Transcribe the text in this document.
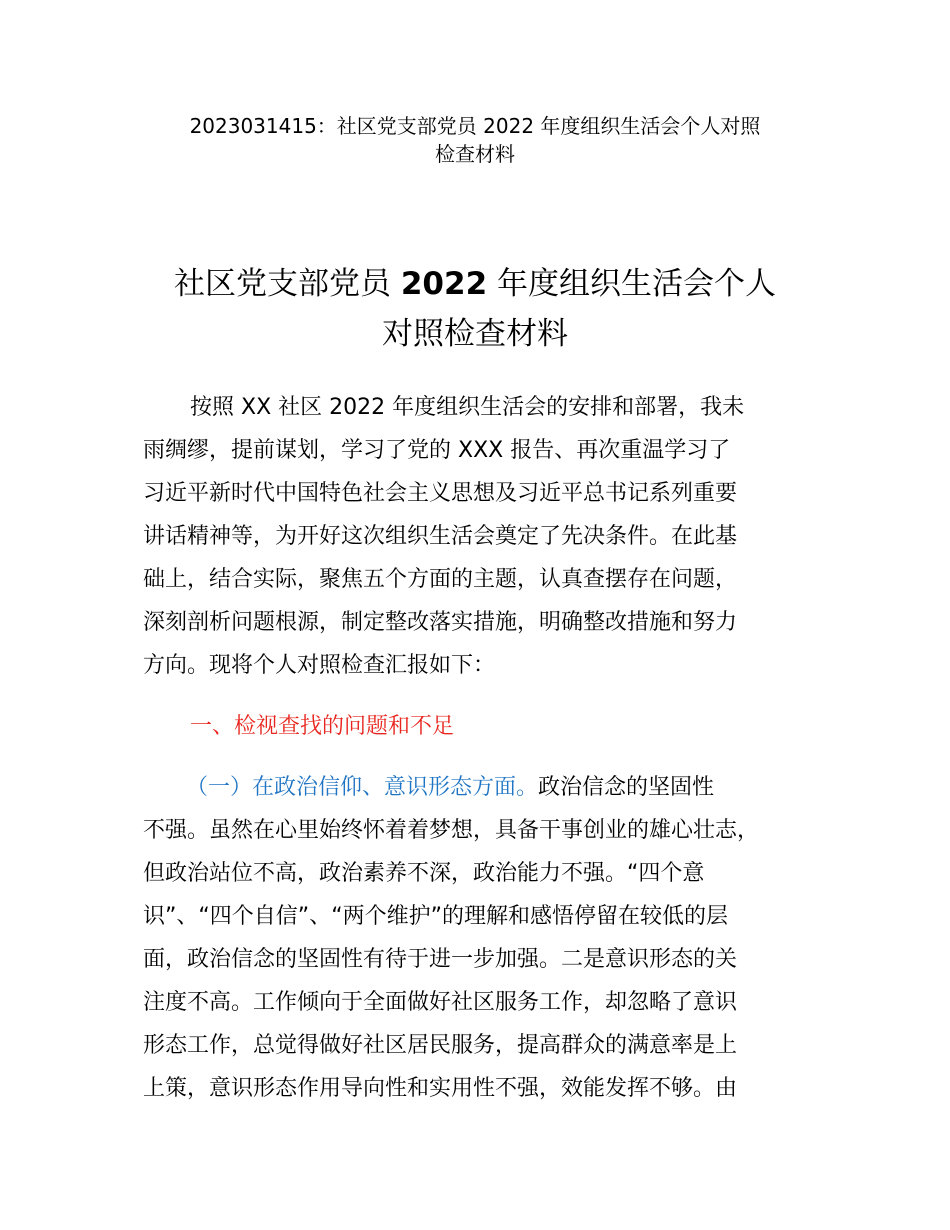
2023031415：社区党支部党员 2022 年度组织生活会个人对照
检查材料
社区党支部党员 2022 年度组织生活会个人
对照检查材料
按照 XX 社区 2022 年度组织生活会的安排和部署，我未
雨绸缪，提前谋划，学习了党的 XXX 报告、再次重温学习了
习近平新时代中国特色社会主义思想及习近平总书记系列重要
讲话精神等，为开好这次组织生活会奠定了先决条件。在此基
础上，结合实际，聚焦五个方面的主题，认真查摆存在问题，
深刻剖析问题根源，制定整改落实措施，明确整改措施和努力
方向。现将个人对照检查汇报如下：
一、检视查找的问题和不足
（一）在政治信仰、意识形态方面。政治信念的坚固性
不强。虽然在心里始终怀着着梦想，具备干事创业的雄心壮志，
但政治站位不高，政治素养不深，政治能力不强。“四个意
识”、“四个自信”、“两个维护”的理解和感悟停留在较低的层
面，政治信念的坚固性有待于进一步加强。二是意识形态的关
注度不高。工作倾向于全面做好社区服务工作，却忽略了意识
形态工作，总觉得做好社区居民服务，提高群众的满意率是上
上策，意识形态作用导向性和实用性不强，效能发挥不够。由
